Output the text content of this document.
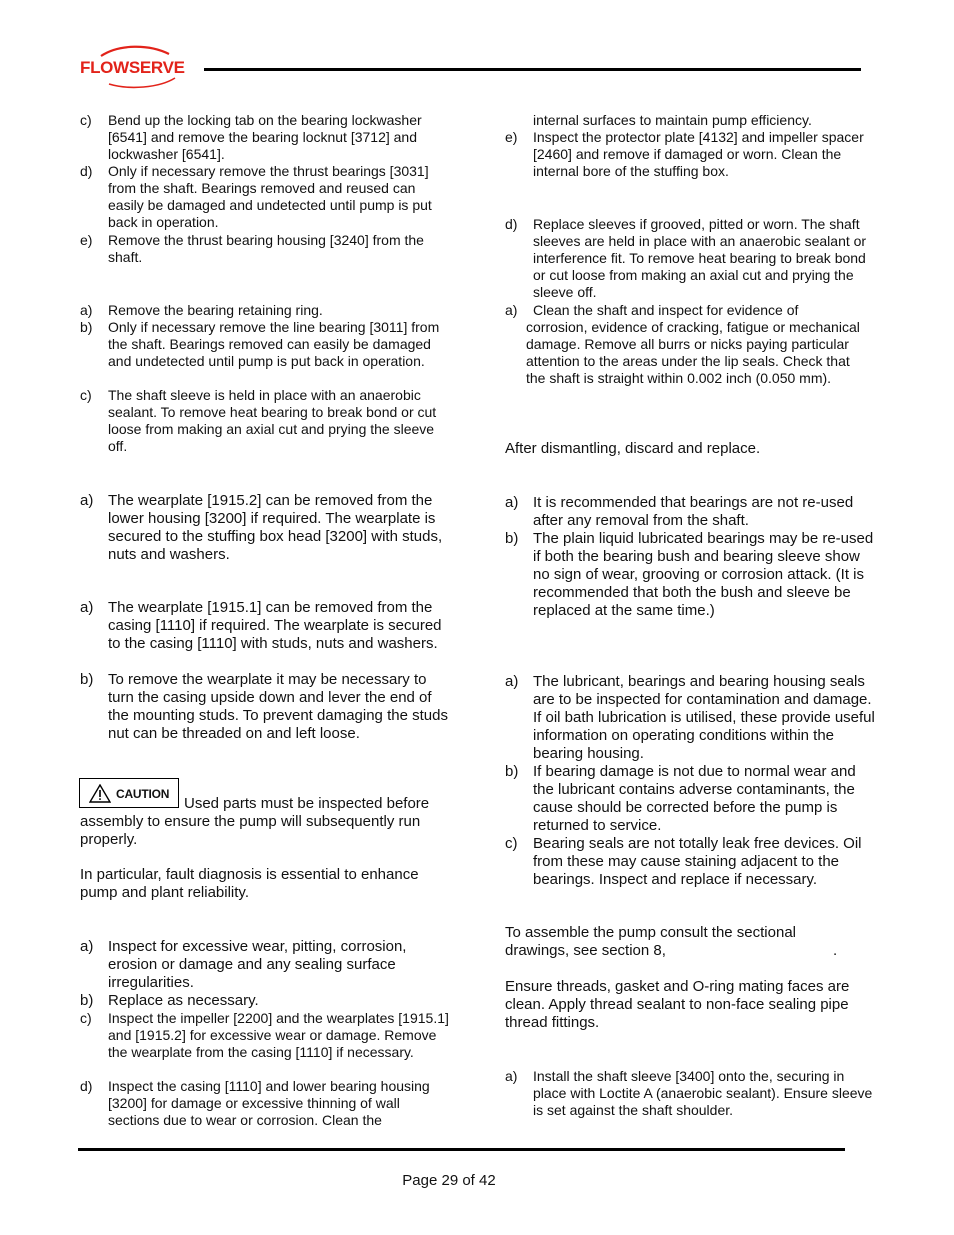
FLOWSERVE
c) Bend up the locking tab on the bearing lockwasher [6541] and remove the bearing locknut [3712] and lockwasher [6541].
d) Only if necessary remove the thrust bearings [3031] from the shaft. Bearings removed and reused can easily be damaged and undetected until pump is put back in operation.
e) Remove the thrust bearing housing [3240] from the shaft.
a) Remove the bearing retaining ring.
b) Only if necessary remove the line bearing [3011] from the shaft. Bearings removed can easily be damaged and undetected until pump is put back in operation.
c) The shaft sleeve is held in place with an anaerobic sealant. To remove heat bearing to break bond or cut loose from making an axial cut and prying the sleeve off.
a) The wearplate [1915.2] can be removed from the lower housing [3200] if required. The wearplate is secured to the stuffing box head [3200] with studs, nuts and washers.
a) The wearplate [1915.1] can be removed from the casing [1110] if required. The wearplate is secured to the casing [1110] with studs, nuts and washers.
b) To remove the wearplate it may be necessary to turn the casing upside down and lever the end of the mounting studs. To prevent damaging the studs nut can be threaded on and left loose.
CAUTION
Used parts must be inspected before assembly to ensure the pump will subsequently run properly.
In particular, fault diagnosis is essential to enhance pump and plant reliability.
a) Inspect for excessive wear, pitting, corrosion, erosion or damage and any sealing surface irregularities.
b) Replace as necessary.
c) Inspect the impeller [2200] and the wearplates [1915.1] and [1915.2] for excessive wear or damage. Remove the wearplate from the casing [1110] if necessary.
d) Inspect the casing [1110] and lower bearing housing [3200] for damage or excessive thinning of wall sections due to wear or corrosion. Clean the
internal surfaces to maintain pump efficiency.
e) Inspect the protector plate [4132] and impeller spacer [2460] and remove if damaged or worn. Clean the internal bore of the stuffing box.
d) Replace sleeves if grooved, pitted or worn. The shaft sleeves are held in place with an anaerobic sealant or interference fit. To remove heat bearing to break bond or cut loose from making an axial cut and prying the sleeve off.
a) Clean the shaft and inspect for evidence of
corrosion, evidence of cracking, fatigue or mechanical damage. Remove all burrs or nicks paying particular attention to the areas under the lip seals. Check that the shaft is straight within 0.002 inch (0.050 mm).
After dismantling, discard and replace.
a) It is recommended that bearings are not re-used after any removal from the shaft.
b) The plain liquid lubricated bearings may be re-used if both the bearing bush and bearing sleeve show no sign of wear, grooving or corrosion attack. (It is recommended that both the bush and sleeve be replaced at the same time.)
a) The lubricant, bearings and bearing housing seals are to be inspected for contamination and damage. If oil bath lubrication is utilised, these provide useful information on operating conditions within the bearing housing.
b) If bearing damage is not due to normal wear and the lubricant contains adverse contaminants, the cause should be corrected before the pump is returned to service.
c) Bearing seals are not totally leak free devices. Oil from these may cause staining adjacent to the bearings. Inspect and replace if necessary.
To assemble the pump consult the sectional drawings, see section 8,	.
Ensure threads, gasket and O-ring mating faces are clean. Apply thread sealant to non-face sealing pipe thread fittings.
a) Install the shaft sleeve [3400] onto the, securing in place with Loctite A (anaerobic sealant). Ensure sleeve is set against the shaft shoulder.
Page 29 of 42
